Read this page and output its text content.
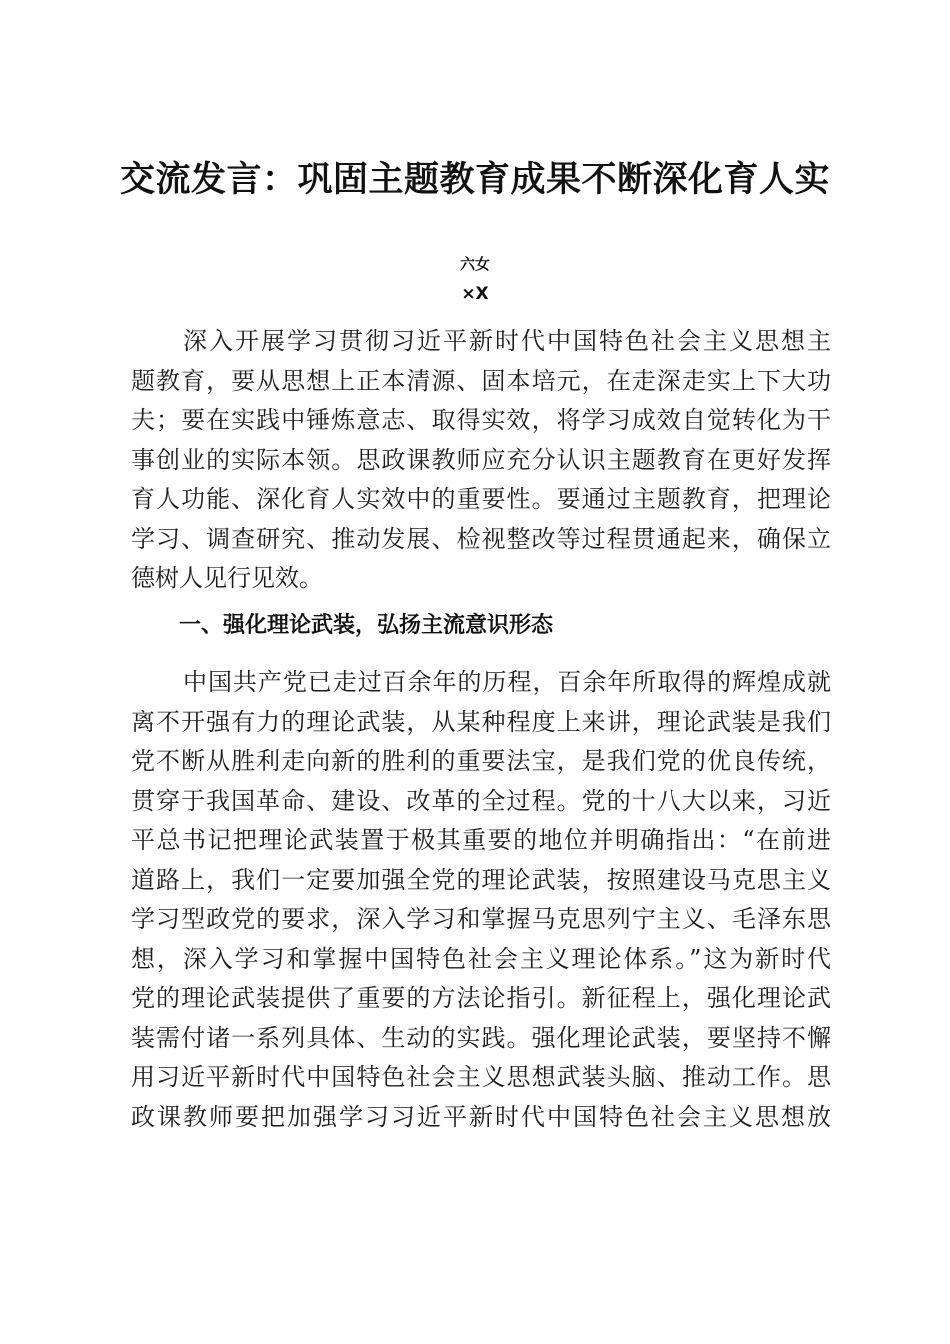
交流发言：巩固主题教育成果不断深化育人实
六女
×X
深入开展学习贯彻习近平新时代中国特色社会主义思想主
题教育，要从思想上正本清源、固本培元，在走深走实上下大功
夫；要在实践中锤炼意志、取得实效，将学习成效自觉转化为干
事创业的实际本领。思政课教师应充分认识主题教育在更好发挥
育人功能、深化育人实效中的重要性。要通过主题教育，把理论
学习、调查研究、推动发展、检视整改等过程贯通起来，确保立
德树人见行见效。
一、强化理论武装，弘扬主流意识形态
中国共产党已走过百余年的历程，百余年所取得的辉煌成就
离不开强有力的理论武装，从某种程度上来讲，理论武装是我们
党不断从胜利走向新的胜利的重要法宝，是我们党的优良传统，
贯穿于我国革命、建设、改革的全过程。党的十八大以来，习近
平总书记把理论武装置于极其重要的地位并明确指出：“在前进
道路上，我们一定要加强全党的理论武装，按照建设马克思主义
学习型政党的要求，深入学习和掌握马克思列宁主义、毛泽东思
想，深入学习和掌握中国特色社会主义理论体系。”这为新时代
党的理论武装提供了重要的方法论指引。新征程上，强化理论武
装需付诸一系列具体、生动的实践。强化理论武装，要坚持不懈
用习近平新时代中国特色社会主义思想武装头脑、推动工作。思
政课教师要把加强学习习近平新时代中国特色社会主义思想放
